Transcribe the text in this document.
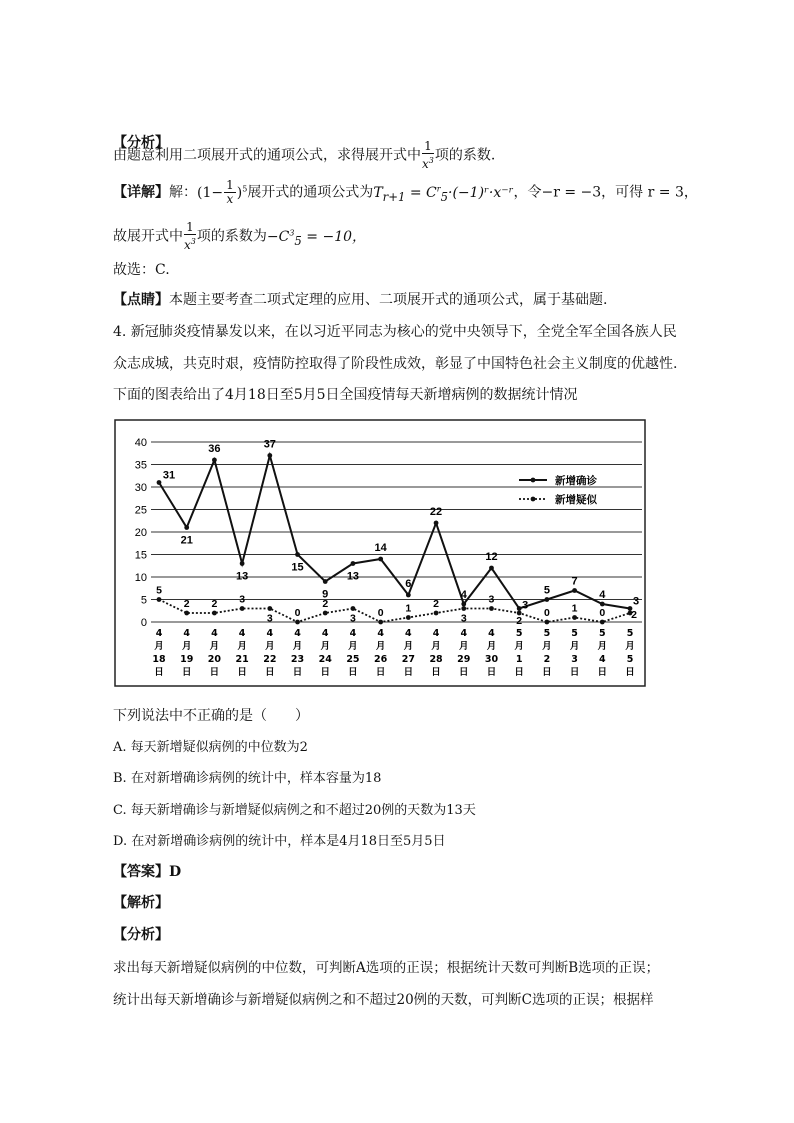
【分析】
由题意利用二项展开式的通项公式，求得展开式中 $\frac{1}{x^3}$ 项的系数.
【详解】解：$(1- \frac{1}{x} )^5$展开式的通项公式为$T_{r+1}$ = $C^r_5\cdot(-1)ʳ\cdot x^-ʳ$，令−r = −3，可得 r = 3，
故展开式中 $\frac{1}{x^3}$ 项的系数为$-C^3_5 = -10$，
故选：C.
【点睛】本题主要考查二项式定理的应用、二项展开式的通项公式，属于基础题.
4. 新冠肺炎疫情暴发以来，在以习近平同志为核心的党中央领导下，全党全军全国各族人民
众志成城，共克时艰，疫情防控取得了阶段性成效，彰显了中国特色社会主义制度的优越性.
下面的图表给出了4月18日至5月5日全国疫情每天新增病例的数据统计情况
0
5
10
15
20
25
30
35
40
4
月
18
日
4
月
19
日
4
月
20
日
4
月
21
日
4
月
22
日
4
月
23
日
4
月
24
日
4
月
25
日
4
月
26
日
4
月
27
日
4
月
28
日
4
月
29
日
4
月
30
日
5
月
1
日
5
月
2
日
5
月
3
日
5
月
4
日
5
月
5
日
31
21
36
13
37
15
9
13
14
6
22
4
12
3
5
7
4
3
5
2 2 3
3 0
2
3 0 1 2
3
3
2
0 1 0 2
新增确诊
新增疑似
下列说法中不正确的是（　　）
A. 每天新增疑似病例的中位数为2
B. 在对新增确诊病例的统计中，样本容量为18
C. 每天新增确诊与新增疑似病例之和不超过20例的天数为13天
D. 在对新增确诊病例的统计中，样本是4月18日至5月5日
【答案】D
【解析】
【分析】
求出每天新增疑似病例的中位数，可判断A选项的正误；根据统计天数可判断B选项的正误；
统计出每天新增确诊与新增疑似病例之和不超过20例的天数，可判断C选项的正误；根据样
